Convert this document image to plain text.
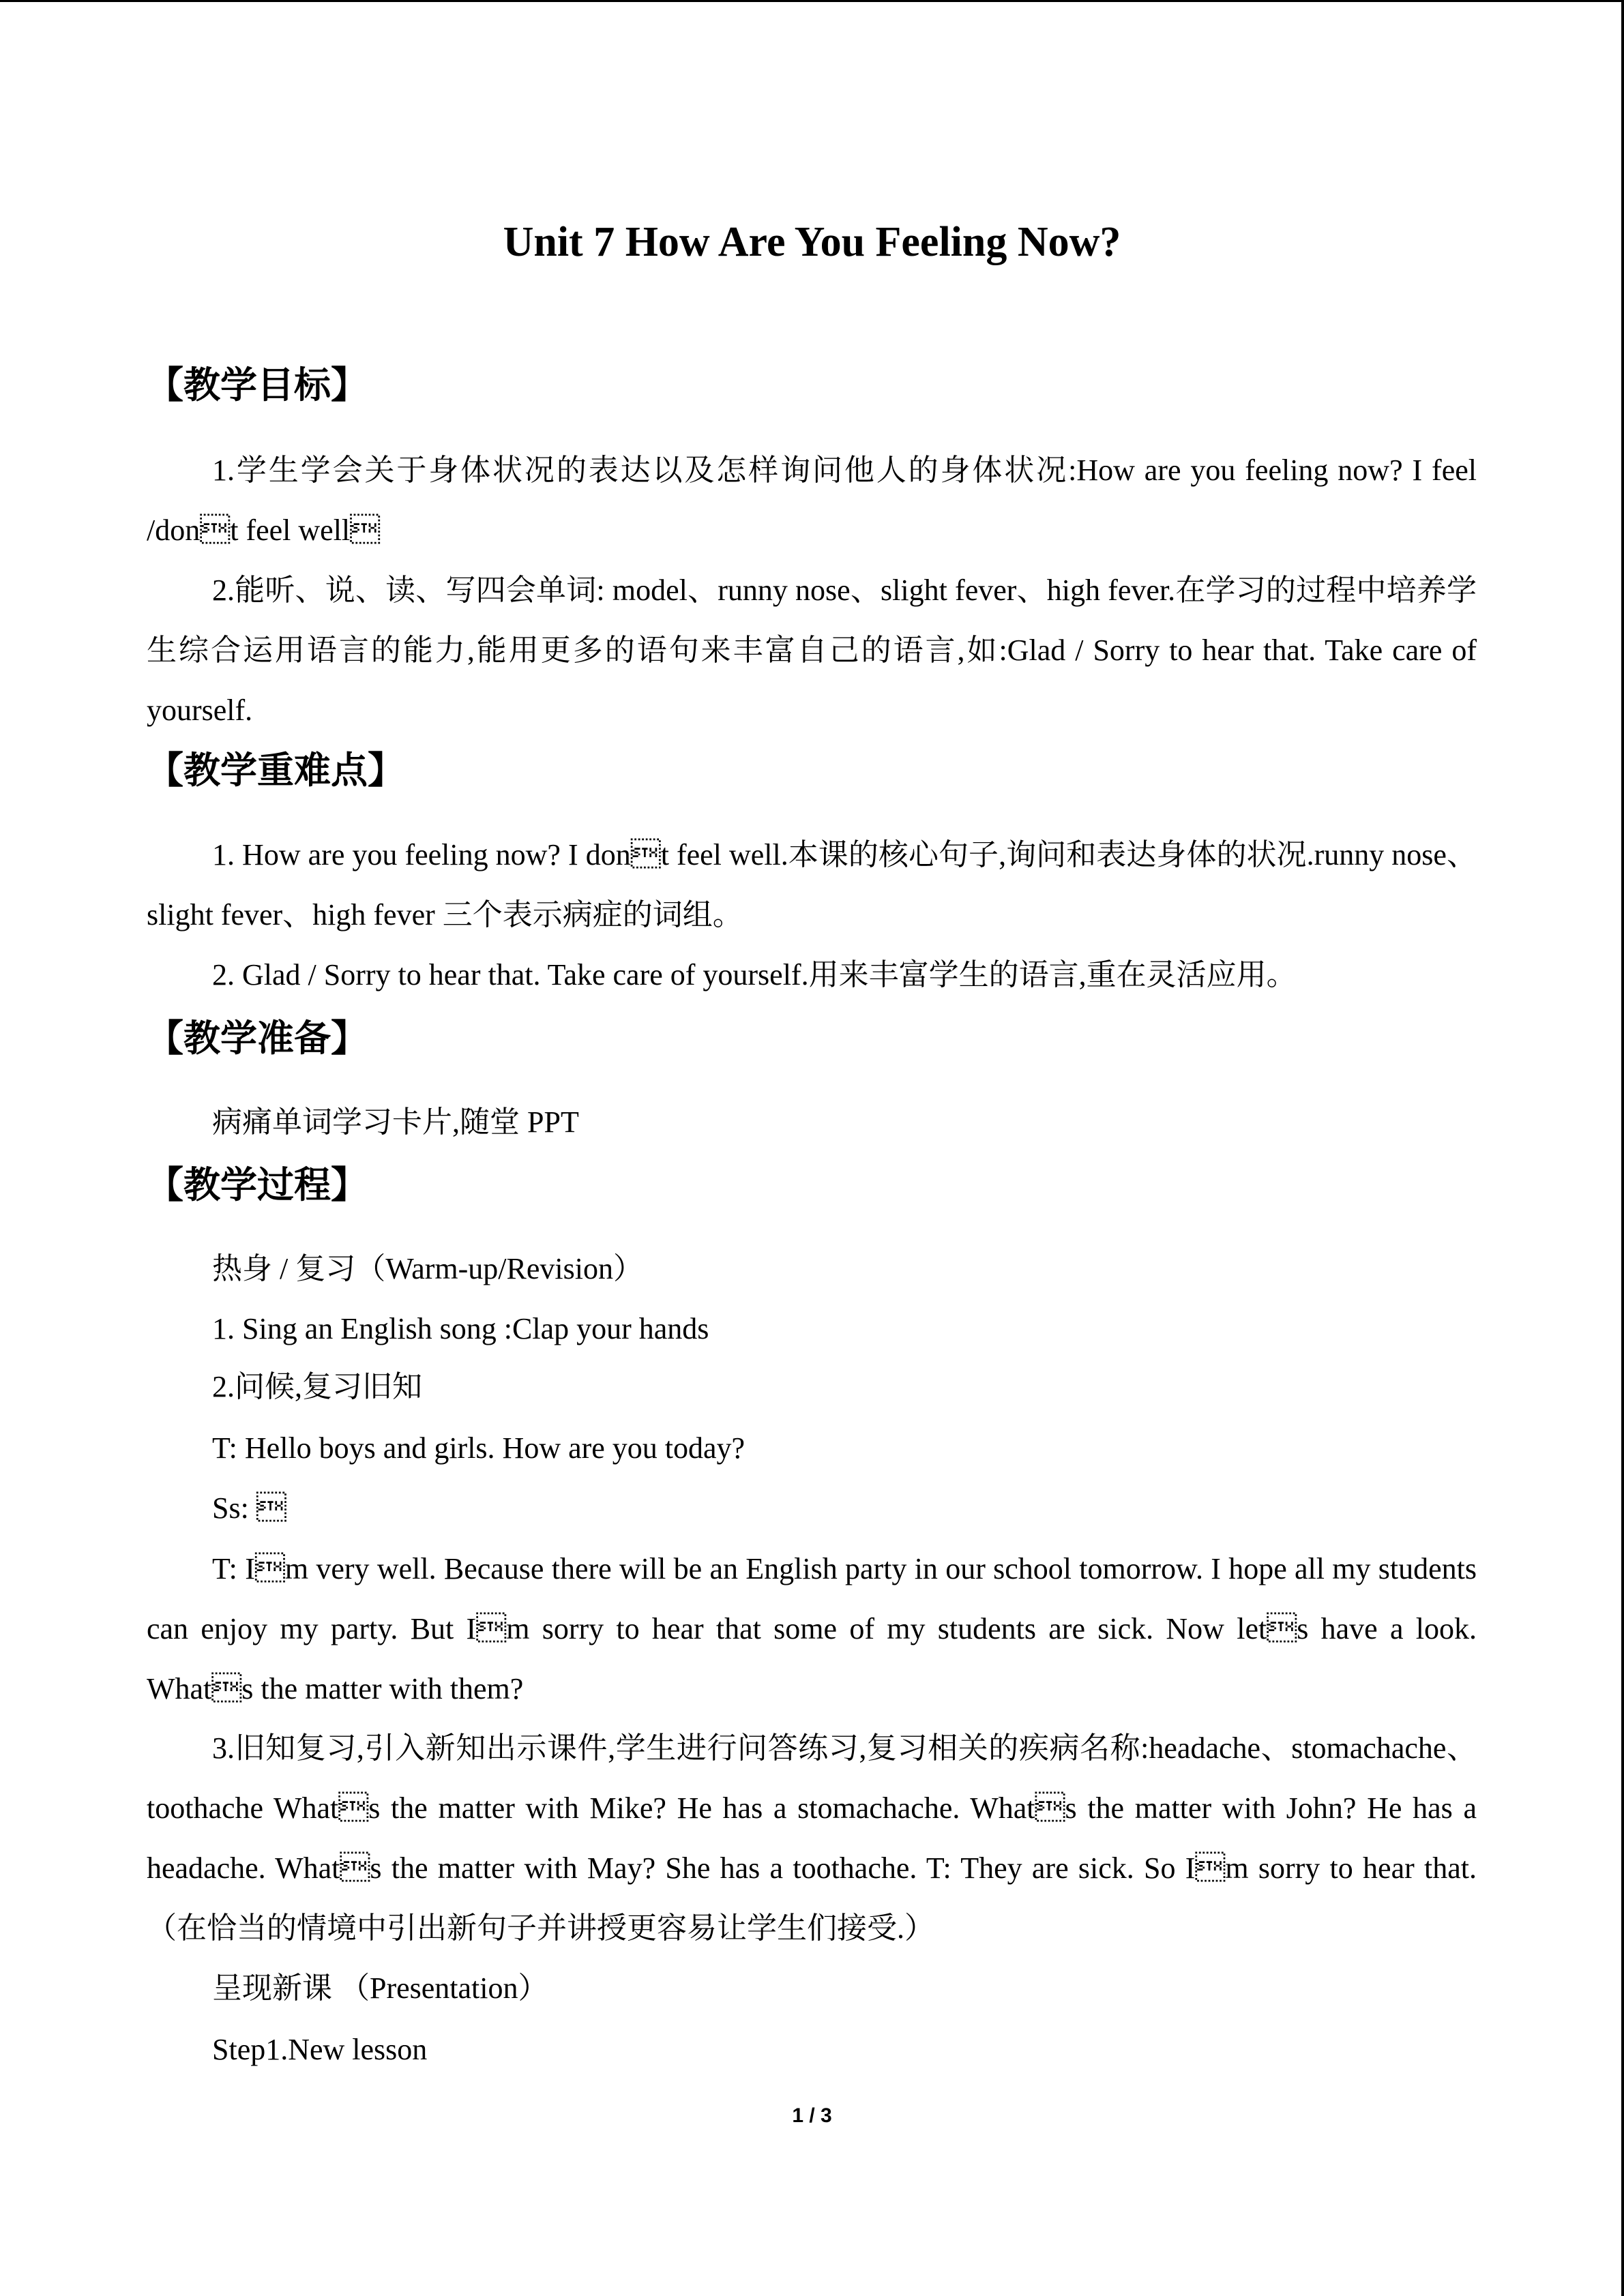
Unit 7 How Are You Feeling Now?
【教学目标】

1.学生学会关于身体状况的表达以及怎样询问他人的身体状况:How are you feeling now? I feel /dont feel well

2.能听、说、读、写四会单词: model、runny nose、slight fever、high fever.在学习的过程中培养学生综合运用语言的能力,能用更多的语句来丰富自己的语言,如:Glad / Sorry to hear that. Take care of yourself.

【教学重难点】

1. How are you feeling now? I dont feel well.本课的核心句子,询问和表达身体的状况.runny nose、slight fever、high fever 三个表示病症的词组。

2. Glad / Sorry to hear that. Take care of yourself.用来丰富学生的语言,重在灵活应用。

【教学准备】

病痛单词学习卡片,随堂 PPT

【教学过程】

热身 / 复习（Warm-up/Revision）

1. Sing an English song :Clap your hands

2.问候,复习旧知

T: Hello boys and girls. How are you today?

Ss: 

T: Im very well. Because there will be an English party in our school tomorrow. I hope all my students can enjoy my party. But Im sorry to hear that some of my students are sick. Now lets have a look. Whats the matter with them?

3.旧知复习,引入新知出示课件,学生进行问答练习,复习相关的疾病名称:headache、stomachache、toothache Whats the matter with Mike? He has a stomachache. Whats the matter with John? He has a headache. Whats the matter with May? She has a toothache. T: They are sick. So Im sorry to hear that. （在恰当的情境中引出新句子并讲授更容易让学生们接受.）

呈现新课 （Presentation）

Step1.New lesson

1 / 3
